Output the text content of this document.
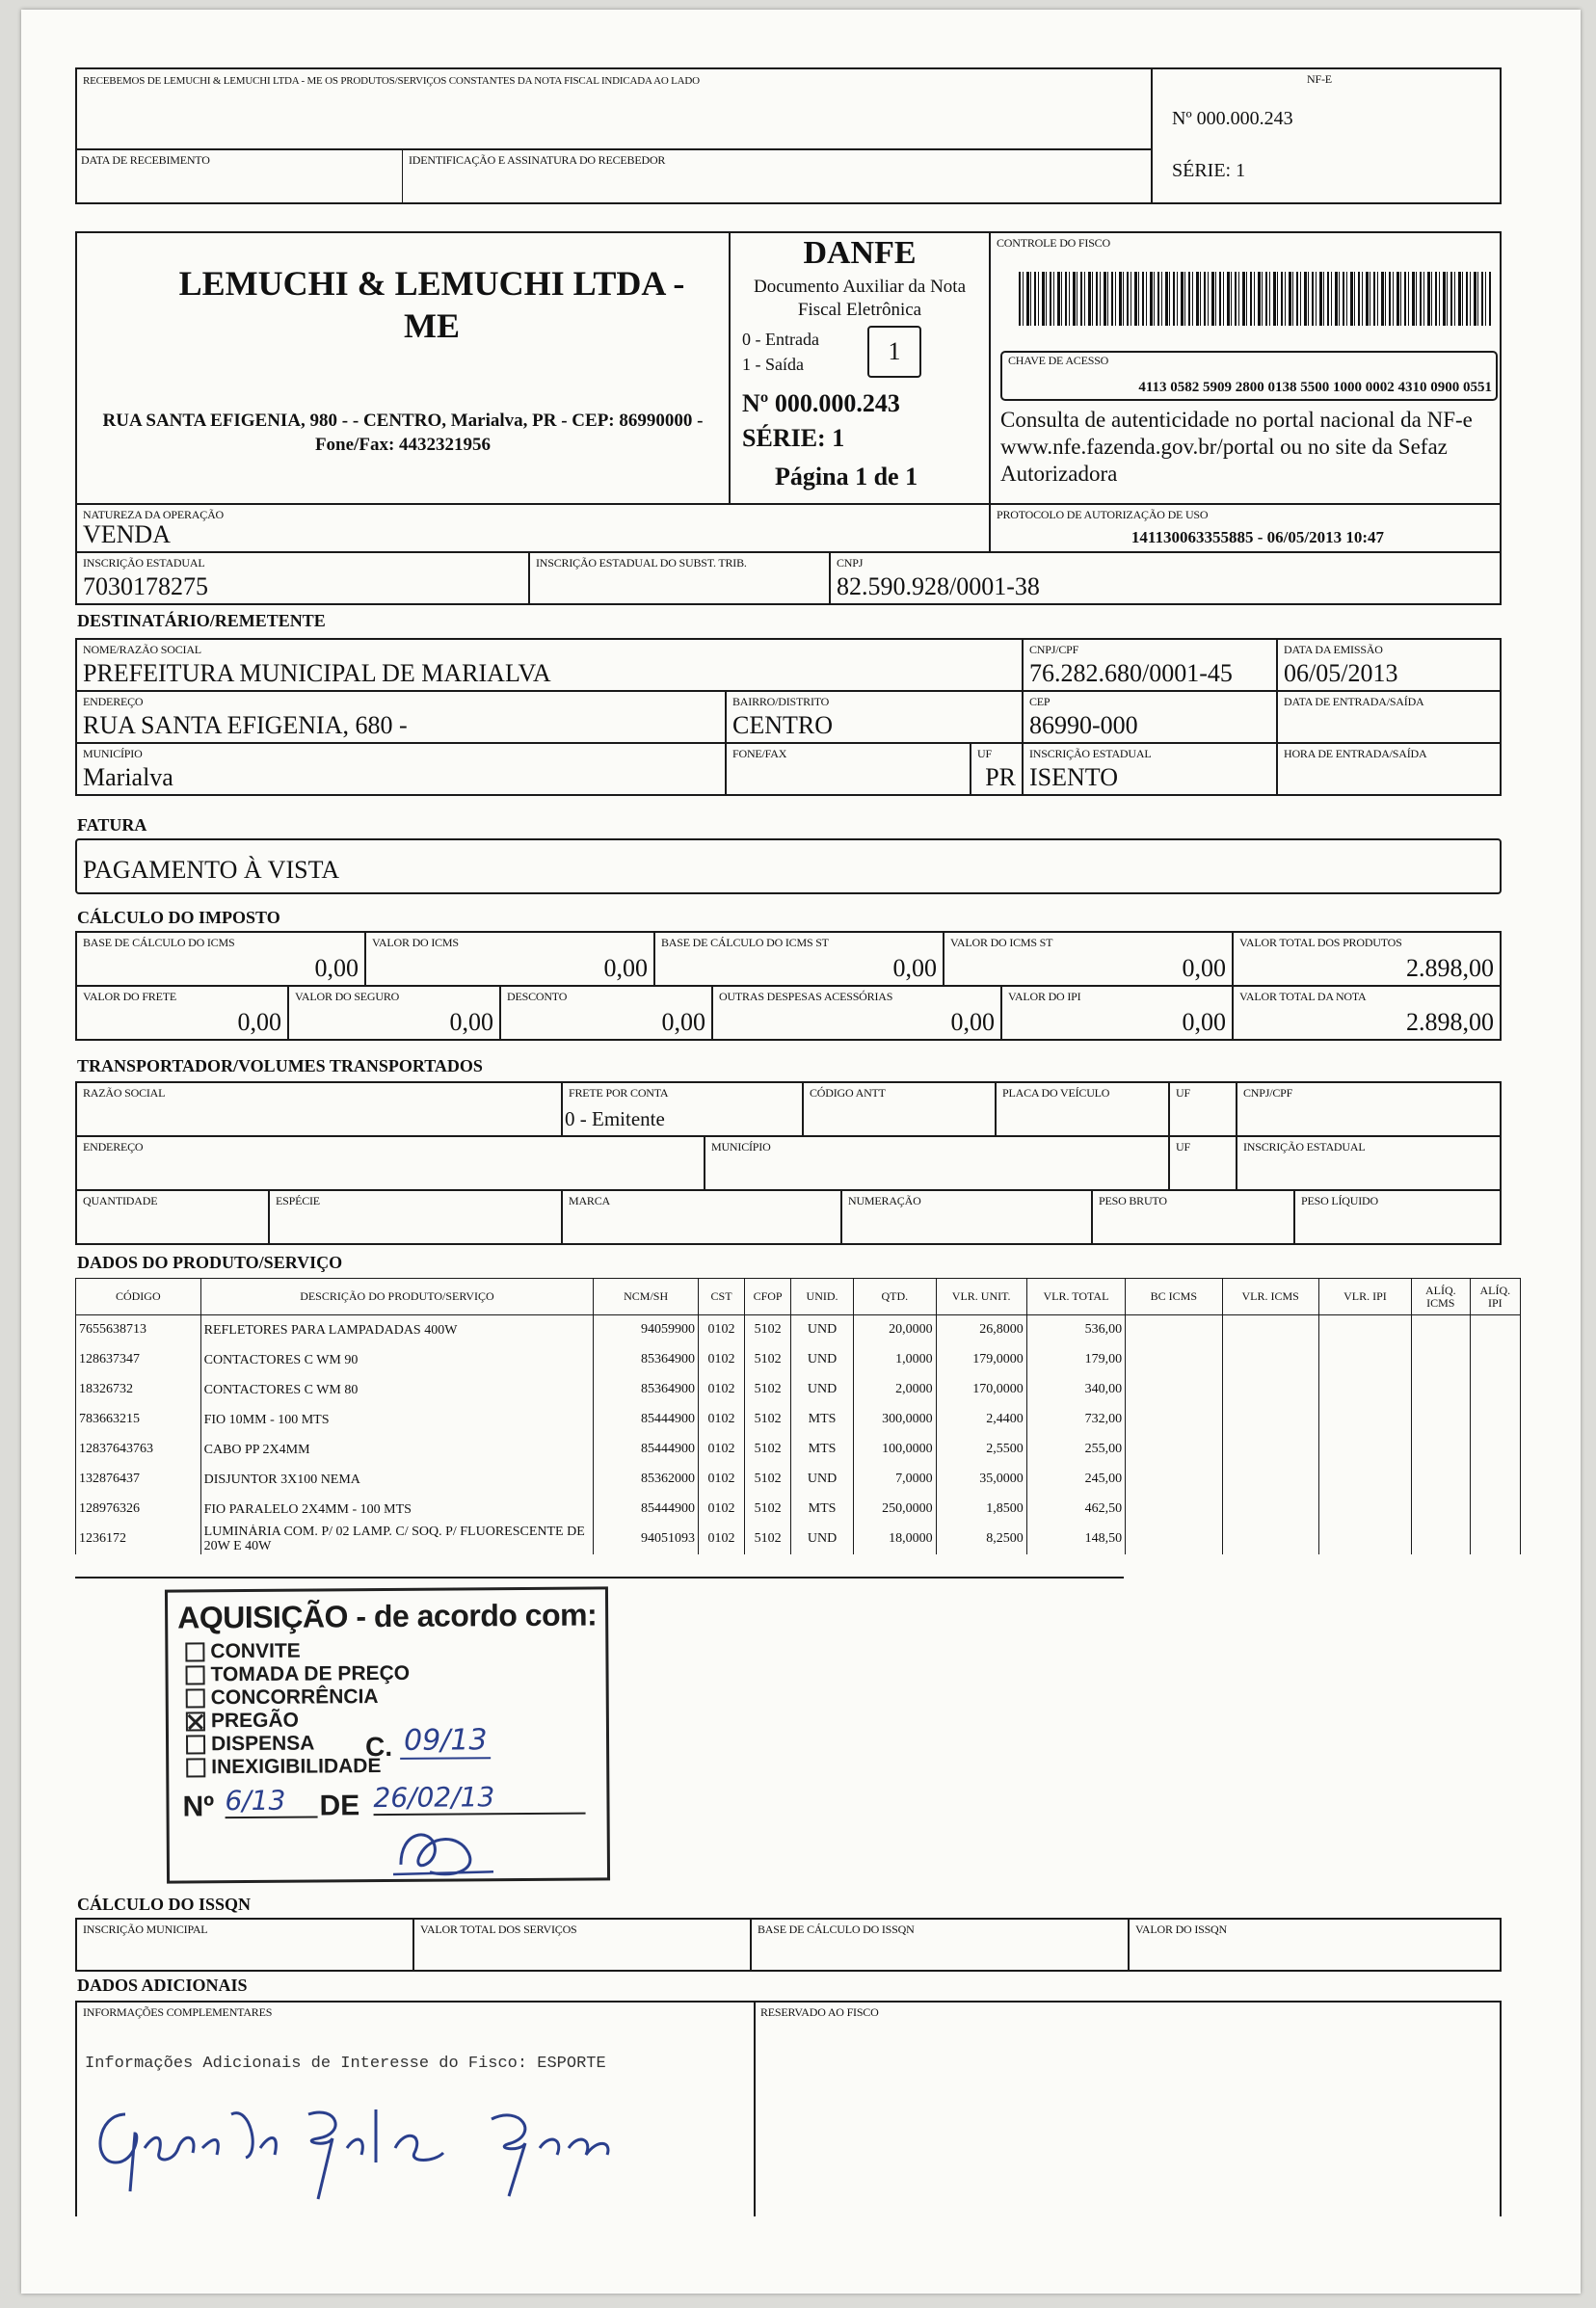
RECEBEMOS DE LEMUCHI & LEMUCHI LTDA - ME OS PRODUTOS/SERVIÇOS CONSTANTES DA NOTA FISCAL INDICADA AO LADO
DATA DE RECEBIMENTO	IDENTIFICAÇÃO E ASSINATURA DO RECEBEDOR
NF-E
Nº 000.000.243
SÉRIE: 1
LEMUCHI & LEMUCHI LTDA - ME
RUA SANTA EFIGENIA, 980 - - CENTRO, Marialva, PR - CEP: 86990000 - Fone/Fax: 4432321956
DANFE
Documento Auxiliar da Nota Fiscal Eletrônica
0 - Entrada
1 - Saída	1
Nº 000.000.243
SÉRIE: 1
Página 1 de 1
CONTROLE DO FISCO
CHAVE DE ACESSO
4113 0582 5909 2800 0138 5500 1000 0002 4310 0900 0551
Consulta de autenticidade no portal nacional da NF-e www.nfe.fazenda.gov.br/portal ou no site da Sefaz Autorizadora
NATUREZA DA OPERAÇÃO
VENDA
PROTOCOLO DE AUTORIZAÇÃO DE USO
141130063355885 - 06/05/2013 10:47
INSCRIÇÃO ESTADUAL
7030178275
INSCRIÇÃO ESTADUAL DO SUBST. TRIB.	CNPJ
82.590.928/0001-38
DESTINATÁRIO/REMETENTE
NOME/RAZÃO SOCIAL
PREFEITURA MUNICIPAL DE MARIALVA
CNPJ/CPF
76.282.680/0001-45
DATA DA EMISSÃO
06/05/2013
ENDEREÇO
RUA SANTA EFIGENIA, 680 -
BAIRRO/DISTRITO
CENTRO
CEP
86990-000
DATA DE ENTRADA/SAÍDA
MUNICÍPIO
Marialva
FONE/FAX	UF
PR
INSCRIÇÃO ESTADUAL
ISENTO
HORA DE ENTRADA/SAÍDA
FATURA
PAGAMENTO À VISTA
CÁLCULO DO IMPOSTO
BASE DE CÁLCULO DO ICMS
0,00
VALOR DO ICMS
0,00
BASE DE CÁLCULO DO ICMS ST
0,00
VALOR DO ICMS ST
0,00
VALOR TOTAL DOS PRODUTOS
2.898,00
VALOR DO FRETE
0,00
VALOR DO SEGURO
0,00
DESCONTO
0,00
OUTRAS DESPESAS ACESSÓRIAS
0,00
VALOR DO IPI
0,00
VALOR TOTAL DA NOTA
2.898,00
TRANSPORTADOR/VOLUMES TRANSPORTADOS
RAZÃO SOCIAL	FRETE POR CONTA
0 - Emitente
CÓDIGO ANTT	PLACA DO VEÍCULO	UF	CNPJ/CPF
ENDEREÇO	MUNICÍPIO	UF	INSCRIÇÃO ESTADUAL
QUANTIDADE	ESPÉCIE	MARCA	NUMERAÇÃO	PESO BRUTO	PESO LÍQUIDO
DADOS DO PRODUTO/SERVIÇO
CÓDIGO	DESCRIÇÃO DO PRODUTO/SERVIÇO	NCM/SH	CST	CFOP	UNID.	QTD.	VLR. UNIT.	VLR. TOTAL	BC ICMS	VLR. ICMS	VLR. IPI	ALÍQ. ICMS	ALÍQ. IPI
7655638713	REFLETORES PARA LAMPADADAS 400W	94059900	0102	5102	UND	20,0000	26,8000	536,00					
128637347	CONTACTORES C WM 90	85364900	0102	5102	UND	1,0000	179,0000	179,00					
18326732	CONTACTORES C WM 80	85364900	0102	5102	UND	2,0000	170,0000	340,00					
783663215	FIO 10MM - 100 MTS	85444900	0102	5102	MTS	300,0000	2,4400	732,00					
12837643763	CABO PP 2X4MM	85444900	0102	5102	MTS	100,0000	2,5500	255,00					
132876437	DISJUNTOR 3X100 NEMA	85362000	0102	5102	UND	7,0000	35,0000	245,00					
128976326	FIO PARALELO 2X4MM - 100 MTS	85444900	0102	5102	MTS	250,0000	1,8500	462,50					
1236172	LUMINÁRIA COM. P/ 02 LAMP. C/ SOQ. P/ FLUORESCENTE DE 20W E 40W	94051093	0102	5102	UND	18,0000	8,2500	148,50					
AQUISIÇÃO - de acordo com:
CONVITE
TOMADA DE PREÇO
CONCORRÊNCIA
PREGÃO
DISPENSA
INEXIGIBILIDADE
C. 09/13
Nº 6/13	DE 26/02/13
CÁLCULO DO ISSQN
INSCRIÇÃO MUNICIPAL	VALOR TOTAL DOS SERVIÇOS	BASE DE CÁLCULO DO ISSQN	VALOR DO ISSQN
DADOS ADICIONAIS
INFORMAÇÕES COMPLEMENTARES
Informações Adicionais de Interesse do Fisco: ESPORTE
RESERVADO AO FISCO
